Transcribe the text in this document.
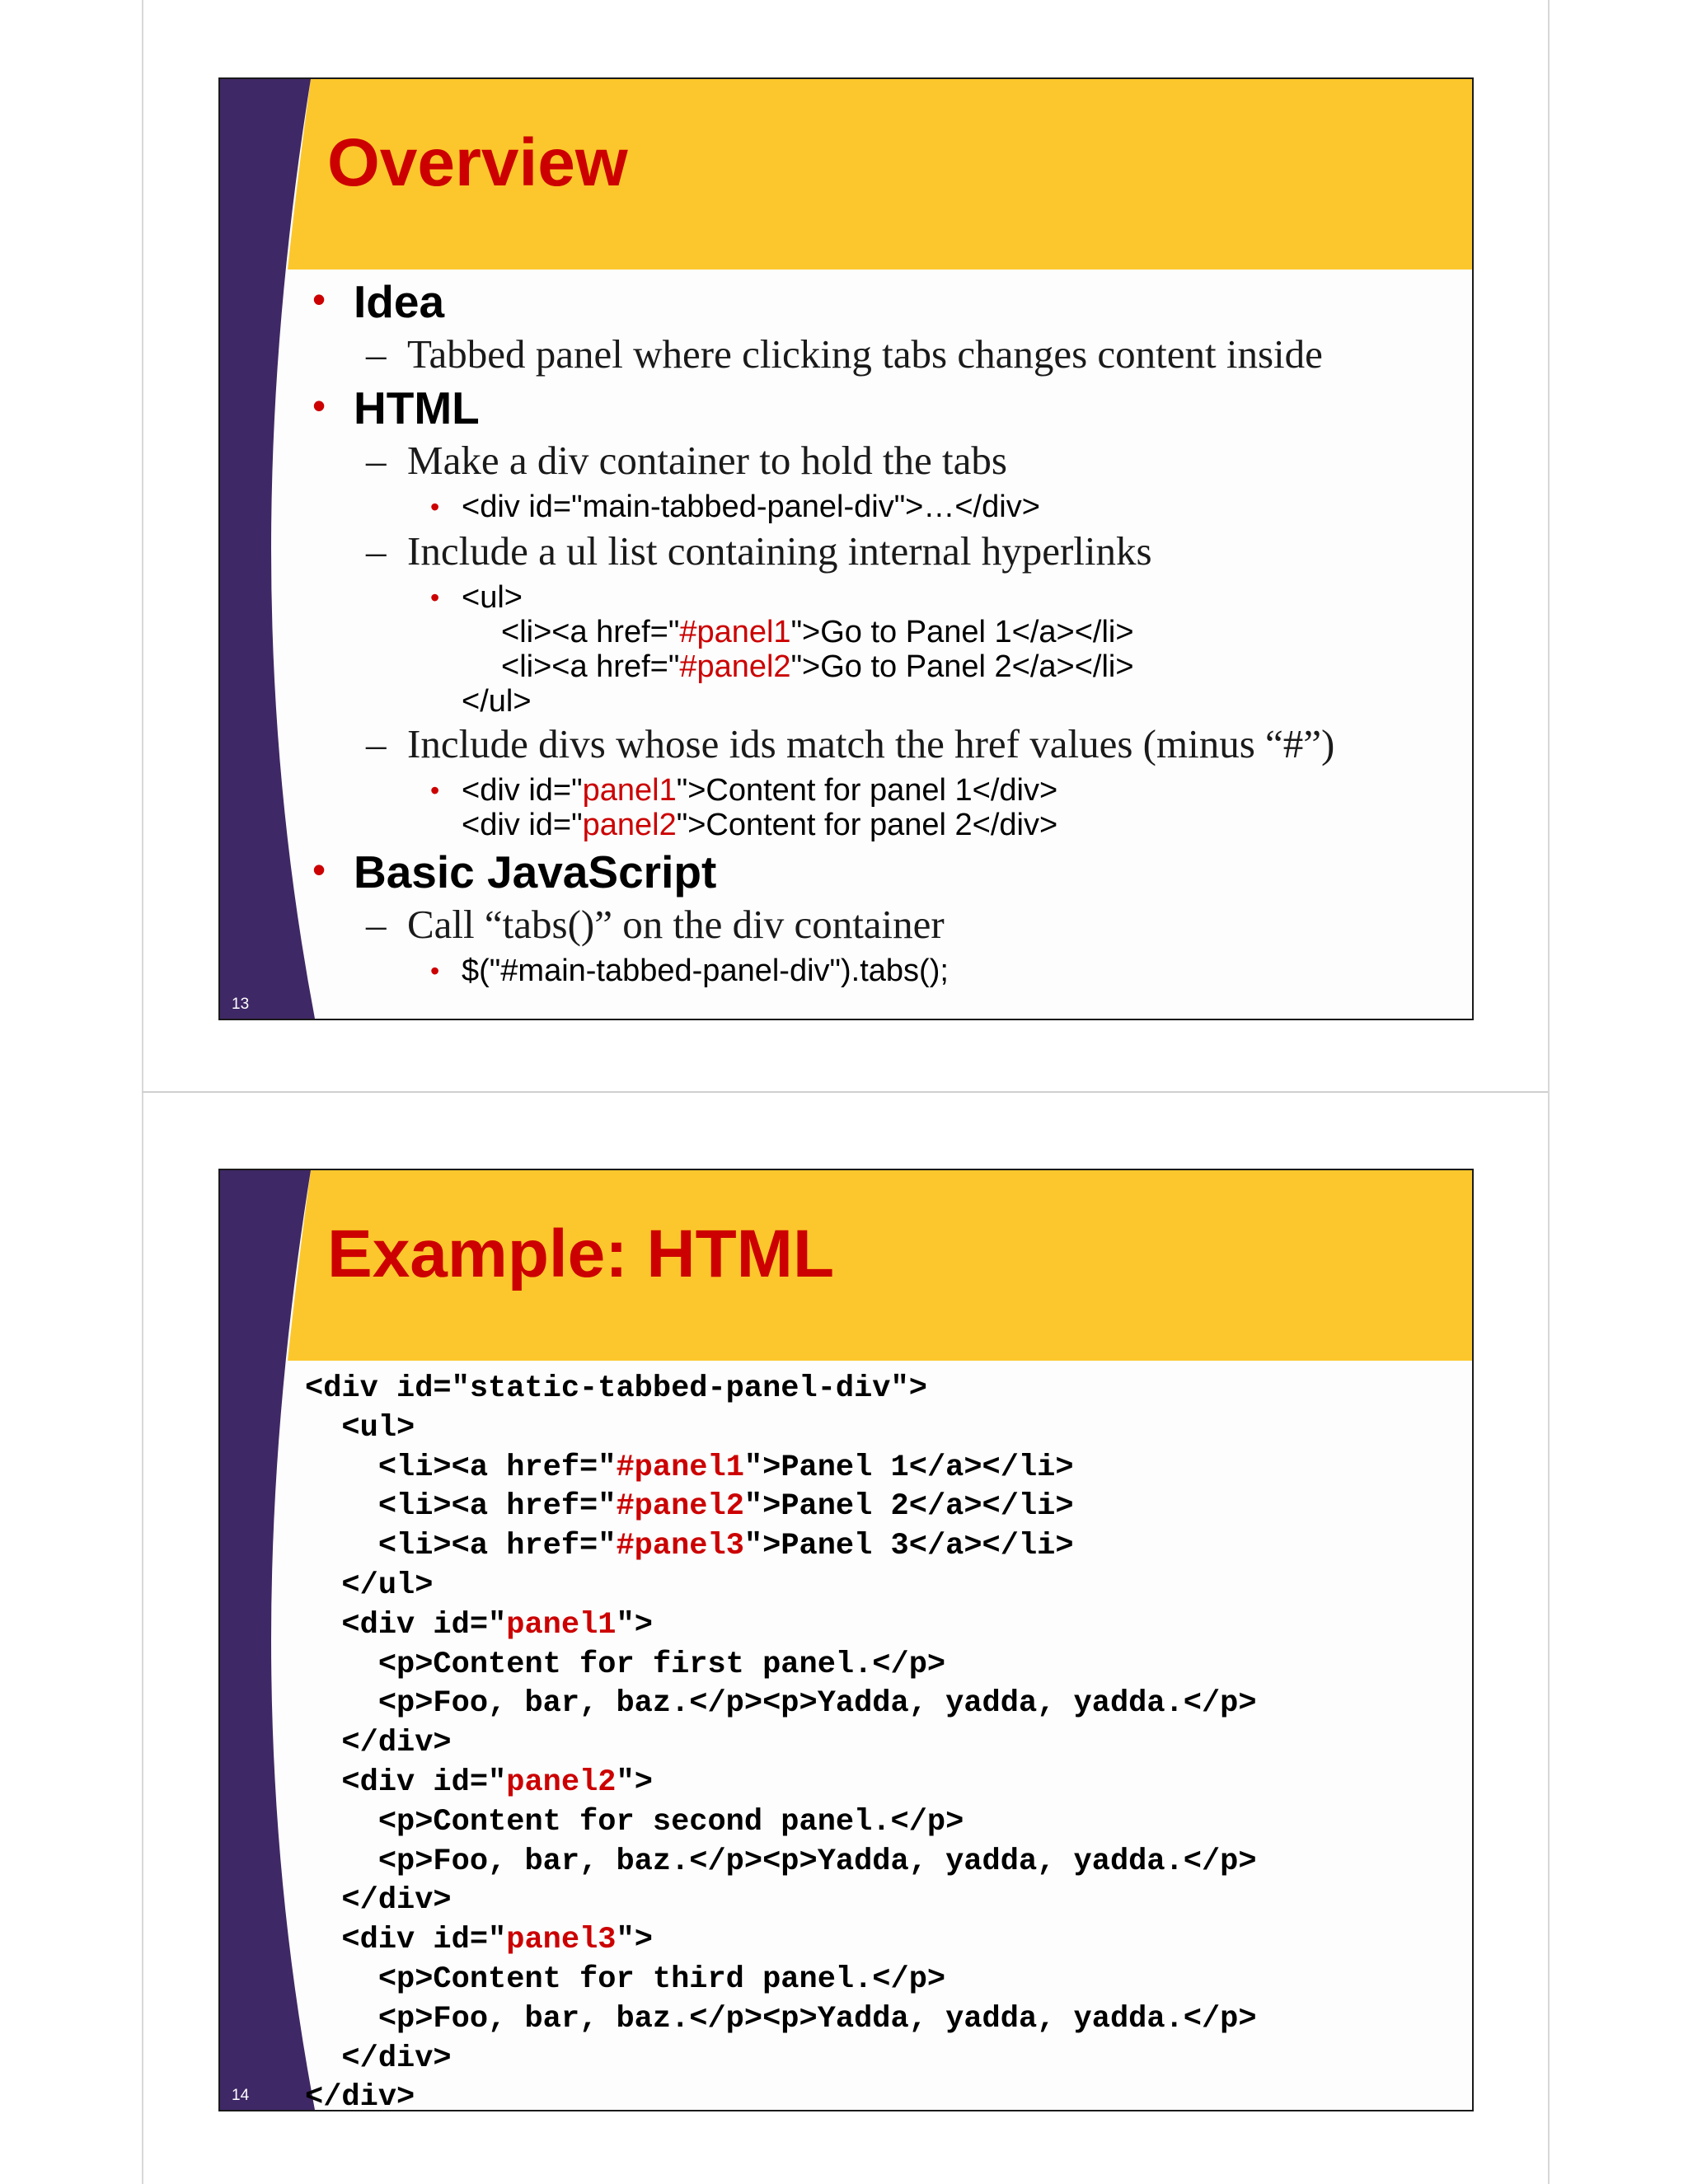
Overview
• Idea
– Tabbed panel where clicking tabs changes content inside
• HTML
– Make a div container to hold the tabs
• <div id="main-tabbed-panel-div">…</div>
– Include a ul list containing internal hyperlinks
• <ul>
<li><a href="#panel1">Go to Panel 1</a></li>
<li><a href="#panel2">Go to Panel 2</a></li>
</ul>
– Include divs whose ids match the href values (minus “#”)
• <div id="panel1">Content for panel 1</div>
<div id="panel2">Content for panel 2</div>
• Basic JavaScript
– Call “tabs()” on the div container
• $("#main-tabbed-panel-div").tabs();
13
Example: HTML
<div id="static-tabbed-panel-div">
<ul>
<li><a href="#panel1">Panel 1</a></li>
<li><a href="#panel2">Panel 2</a></li>
<li><a href="#panel3">Panel 3</a></li>
</ul>
<div id="panel1">
<p>Content for first panel.</p>
<p>Foo, bar, baz.</p><p>Yadda, yadda, yadda.</p>
</div>
<div id="panel2">
<p>Content for second panel.</p>
<p>Foo, bar, baz.</p><p>Yadda, yadda, yadda.</p>
</div>
<div id="panel3">
<p>Content for third panel.</p>
<p>Foo, bar, baz.</p><p>Yadda, yadda, yadda.</p>
</div>
</div>
14
